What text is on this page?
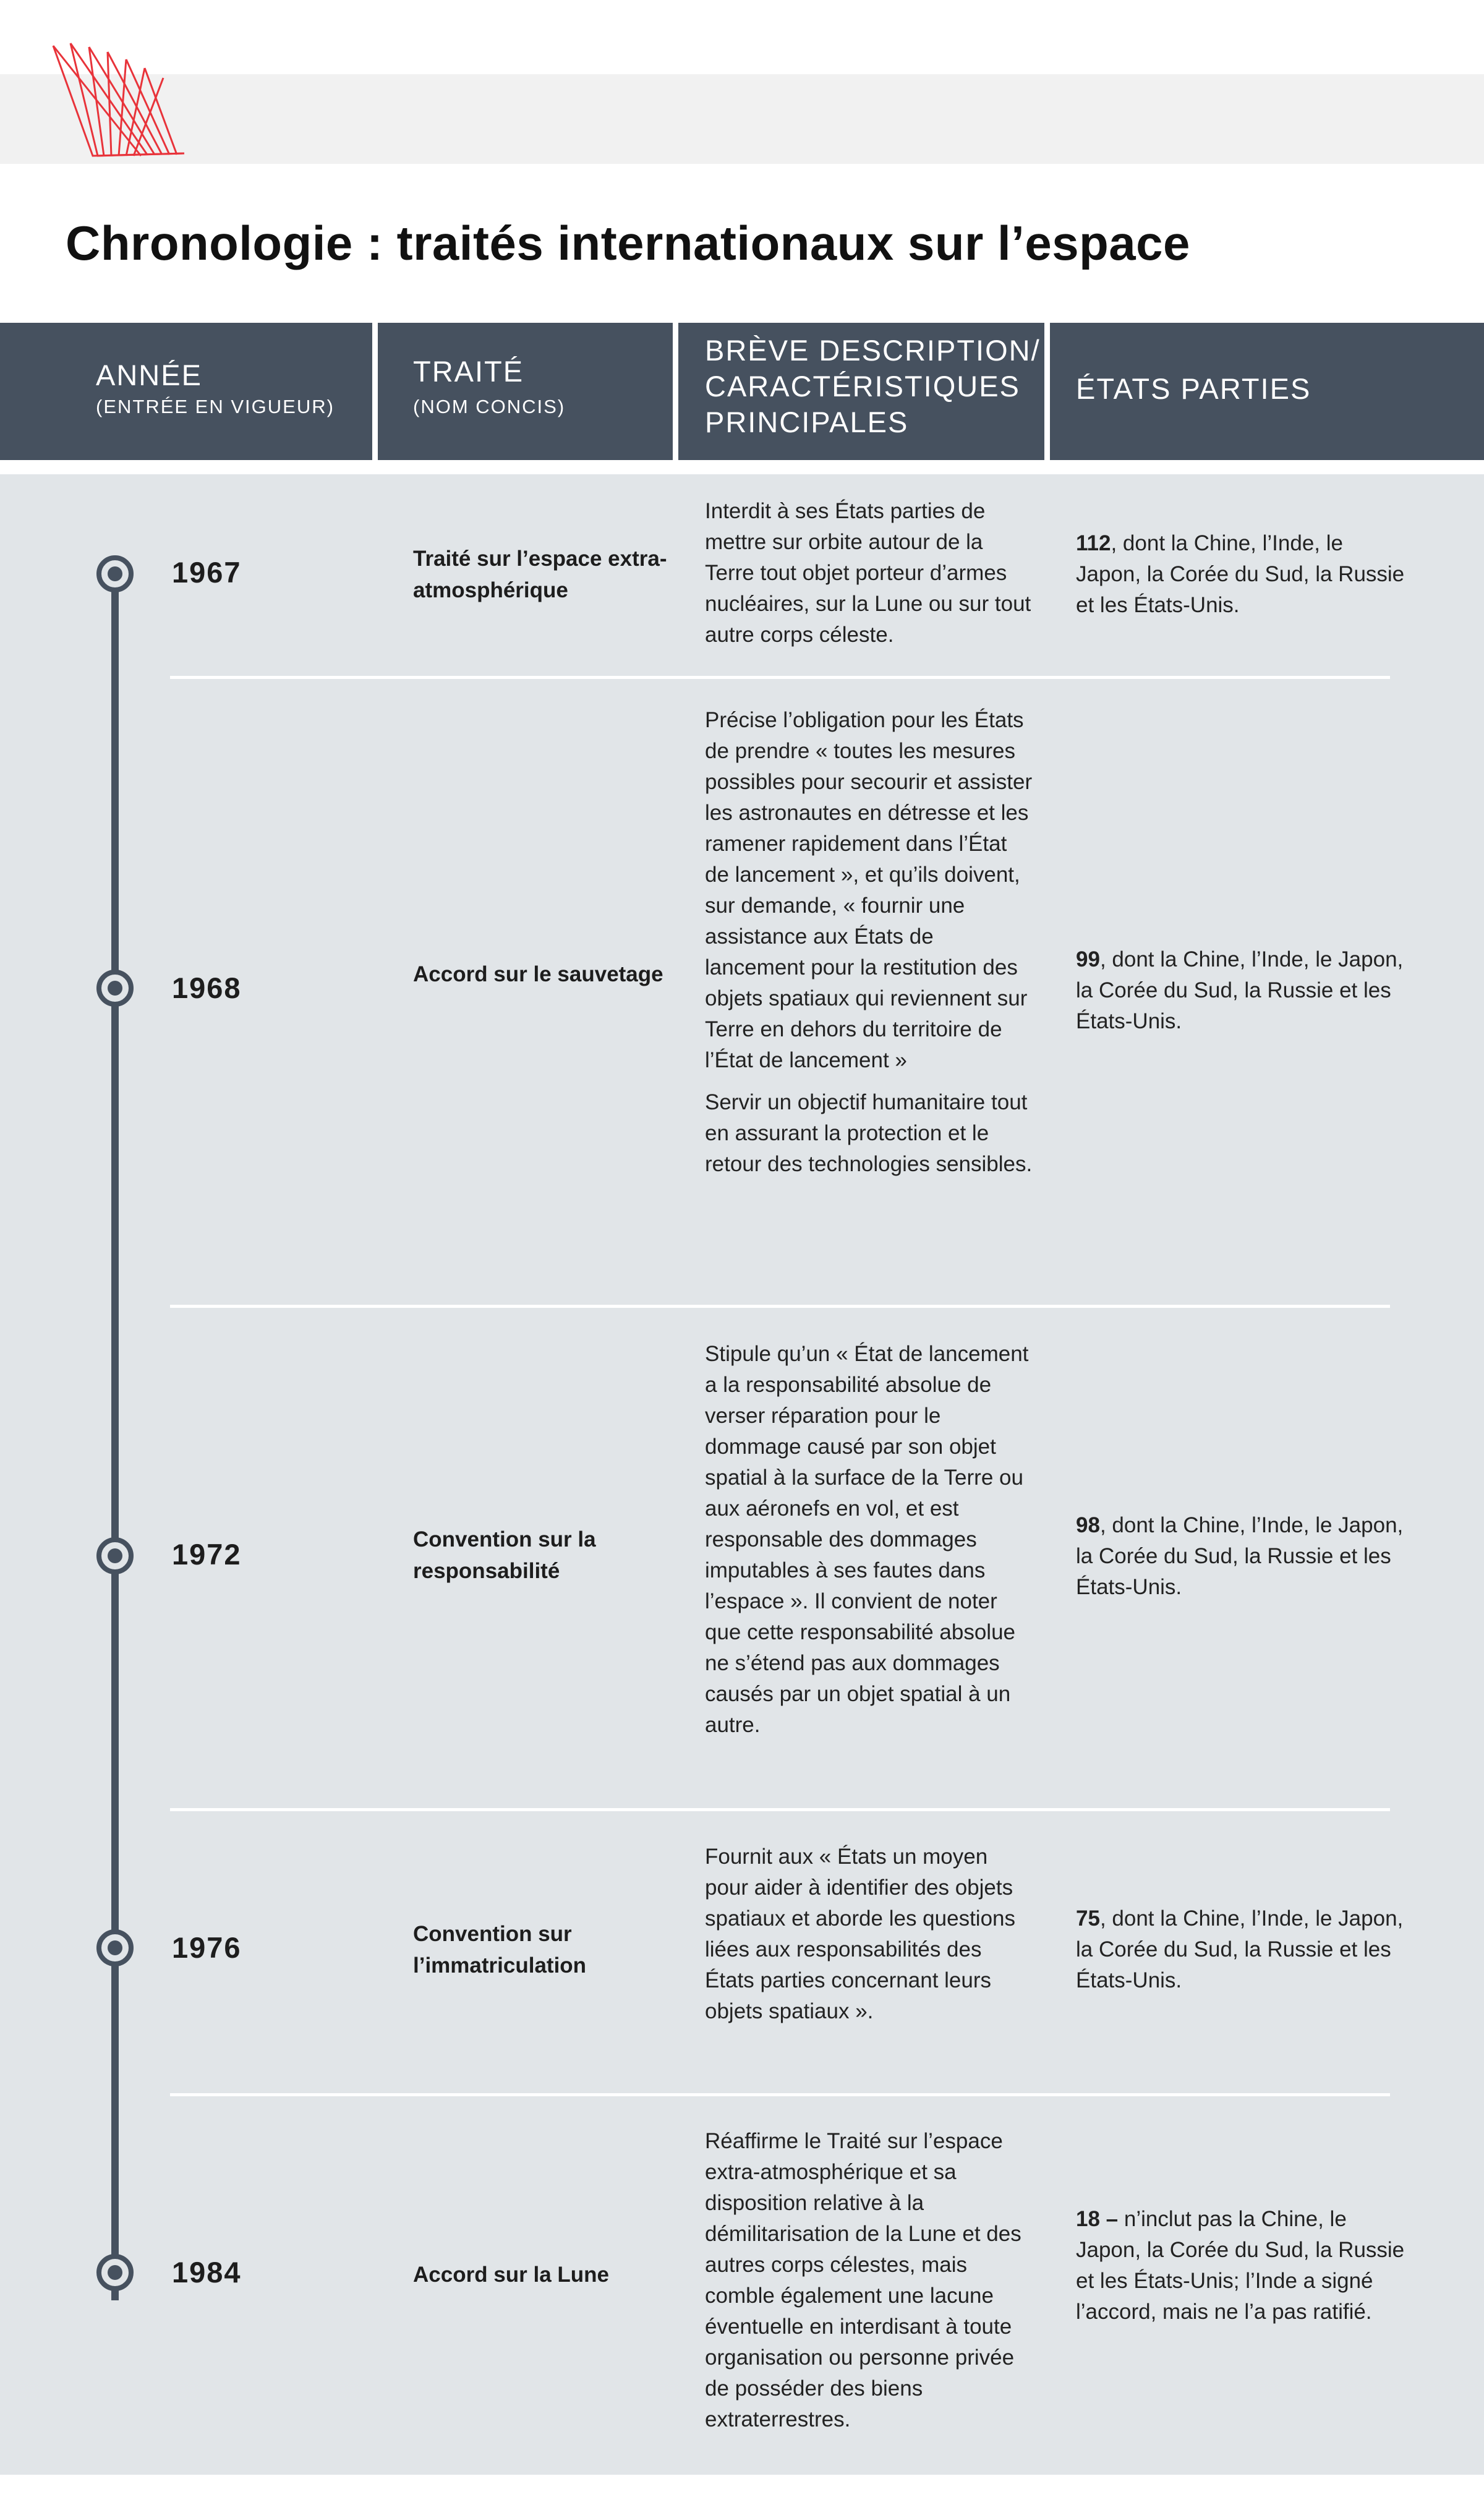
Chronologie : traités internationaux sur l’espace
ANNÉE
(ENTRÉE EN VIGUEUR)
TRAITÉ
(NOM CONCIS)
BRÈVE DESCRIPTION/
CARACTÉRISTIQUES
PRINCIPALES
ÉTATS PARTIES
1967	Traité sur l’espace extra-atmosphérique

Interdit à ses États parties de mettre sur orbite autour de la Terre tout objet porteur d’armes nucléaires, sur la Lune ou sur tout autre corps céleste.

112, dont la Chine, l’Inde, le Japon, la Corée du Sud, la Russie et les États-Unis.
1968	Accord sur le sauvetage

Précise l’obligation pour les États de prendre « toutes les mesures possibles pour secourir et assister les astronautes en détresse et les ramener rapidement dans l’État de lancement », et qu’ils doivent, sur demande, « fournir une assistance aux États de lancement pour la restitution des objets spatiaux qui reviennent sur Terre en dehors du territoire de l’État de lancement »

Servir un objectif humanitaire tout en assurant la protection et le retour des technologies sensibles.

99, dont la Chine, l’Inde, le Japon, la Corée du Sud, la Russie et les États-Unis.
1972	Convention sur la responsabilité

Stipule qu’un « État de lancement a la responsabilité absolue de verser réparation pour le dommage causé par son objet spatial à la surface de la Terre ou aux aéronefs en vol, et est responsable des dommages imputables à ses fautes dans l’espace ». Il convient de noter que cette responsabilité absolue ne s’étend pas aux dommages causés par un objet spatial à un autre.

98, dont la Chine, l’Inde, le Japon, la Corée du Sud, la Russie et les États-Unis.
1976	Convention sur l’immatriculation

Fournit aux « États un moyen pour aider à identifier des objets spatiaux et aborde les questions liées aux responsabilités des États parties concernant leurs objets spatiaux ».

75, dont la Chine, l’Inde, le Japon, la Corée du Sud, la Russie et les États-Unis.
1984	Accord sur la Lune

Réaffirme le Traité sur l’espace extra-atmosphérique et sa disposition relative à la démilitarisation de la Lune et des autres corps célestes, mais comble également une lacune éventuelle en interdisant à toute organisation ou personne privée de posséder des biens extraterrestres.

18 – n’inclut pas la Chine, le Japon, la Corée du Sud, la Russie et les États-Unis; l’Inde a signé l’accord, mais ne l’a pas ratifié.
